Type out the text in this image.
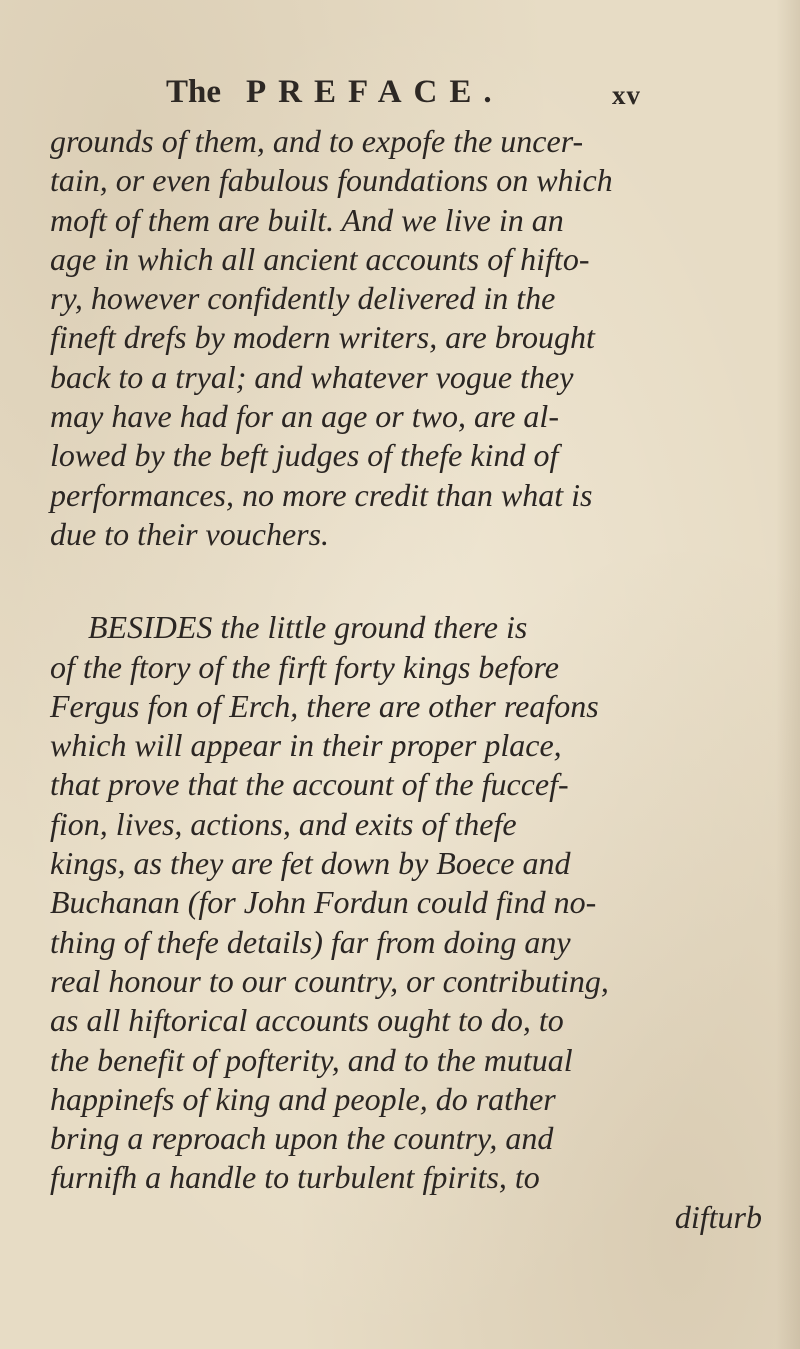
The PREFACE.	xv
grounds of them, and to expofe the uncer-
tain, or even fabulous foundations on which
moft of them are built. And we live in an
age in which all ancient accounts of hifto-
ry, however confidently delivered in the
fineft drefs by modern writers, are brought
back to a tryal; and whatever vogue they
may have had for an age or two, are al-
lowed by the beft judges of thefe kind of
performances, no more credit than what is
due to their vouchers.
BESIDES the little ground there is
of the ftory of the firft forty kings before
Fergus fon of Erch, there are other reafons
which will appear in their proper place,
that prove that the account of the fuccef-
fion, lives, actions, and exits of thefe
kings, as they are fet down by Boece and
Buchanan (for John Fordun could find no-
thing of thefe details) far from doing any
real honour to our country, or contributing,
as all hiftorical accounts ought to do, to
the benefit of pofterity, and to the mutual
happinefs of king and people, do rather
bring a reproach upon the country, and
furnifh a handle to turbulent fpirits, to
difturb
